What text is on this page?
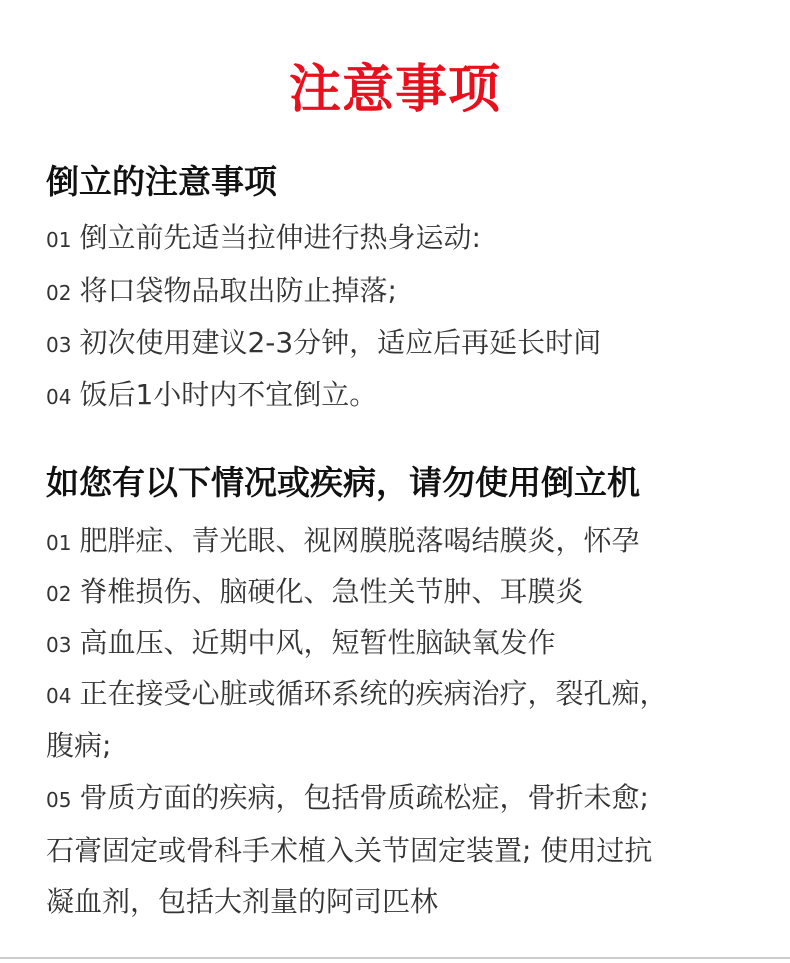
注意事项
倒立的注意事项
01 倒立前先适当拉伸进行热身运动:
02 将口袋物品取出防止掉落;
03 初次使用建议2-3分钟，适应后再延长时间
04 饭后1小时内不宜倒立。
如您有以下情况或疾病，请勿使用倒立机
01 肥胖症、青光眼、视网膜脱落喝结膜炎，怀孕
02 脊椎损伤、脑硬化、急性关节肿、耳膜炎
03 高血压、近期中风，短暂性脑缺氧发作
04 正在接受心脏或循环系统的疾病治疗，裂孔痴，
腹病;
05 骨质方面的疾病，包括骨质疏松症，骨折未愈;
石膏固定或骨科手术植入关节固定装置; 使用过抗
凝血剂，包括大剂量的阿司匹林
